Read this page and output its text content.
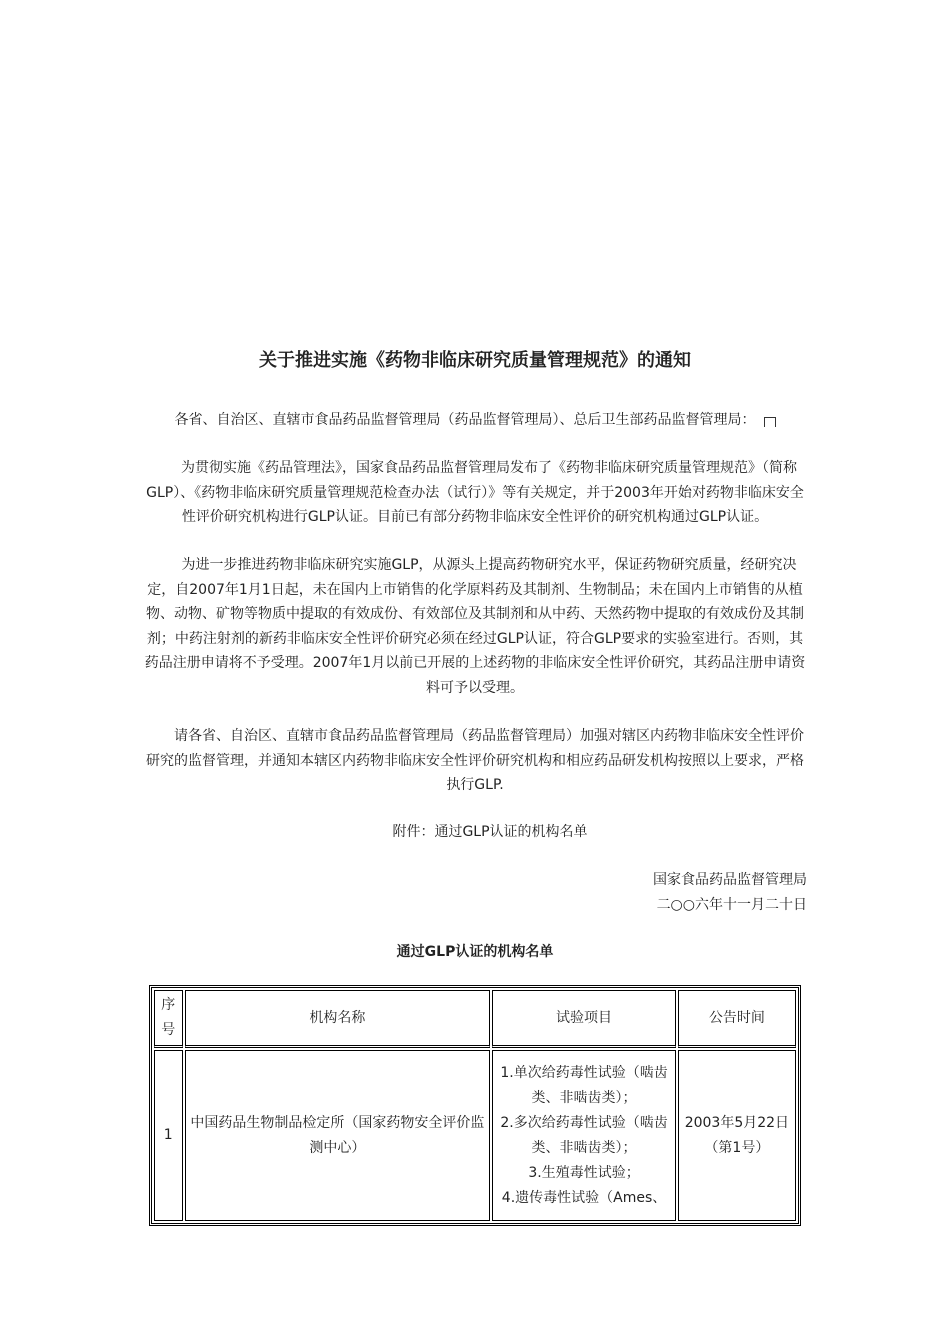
关于推进实施《药物非临床研究质量管理规范》的通知
各省、自治区、直辖市食品药品监督管理局（药品监督管理局）、总后卫生部药品监督管理局：
为贯彻实施《药品管理法》，国家食品药品监督管理局发布了《药物非临床研究质量管理规范》（简称GLP）、《药物非临床研究质量管理规范检查办法（试行）》等有关规定，并于2003年开始对药物非临床安全性评价研究机构进行GLP认证。目前已有部分药物非临床安全性评价的研究机构通过GLP认证。
为进一步推进药物非临床研究实施GLP，从源头上提高药物研究水平，保证药物研究质量，经研究决定，自2007年1月1日起，未在国内上市销售的化学原料药及其制剂、生物制品；未在国内上市销售的从植物、动物、矿物等物质中提取的有效成份、有效部位及其制剂和从中药、天然药物中提取的有效成份及其制剂；中药注射剂的新药非临床安全性评价研究必须在经过GLP认证，符合GLP要求的实验室进行。否则，其药品注册申请将不予受理。2007年1月以前已开展的上述药物的非临床安全性评价研究，其药品注册申请资料可予以受理。
请各省、自治区、直辖市食品药品监督管理局（药品监督管理局）加强对辖区内药物非临床安全性评价研究的监督管理，并通知本辖区内药物非临床安全性评价研究机构和相应药品研发机构按照以上要求，严格执行GLP.
附件：通过GLP认证的机构名单
国家食品药品监督管理局
二○○六年十一月二十日
通过GLP认证的机构名单
序
号	机构名称	试验项目	公告时间
1	中国药品生物制品检定所（国家药物安全评价监测中心）	1.单次给药毒性试验（啮齿类、非啮齿类）；
2.多次给药毒性试验（啮齿类、非啮齿类）；
3.生殖毒性试验；
4.遗传毒性试验（Ames、	2003年5月22日（第1号）
